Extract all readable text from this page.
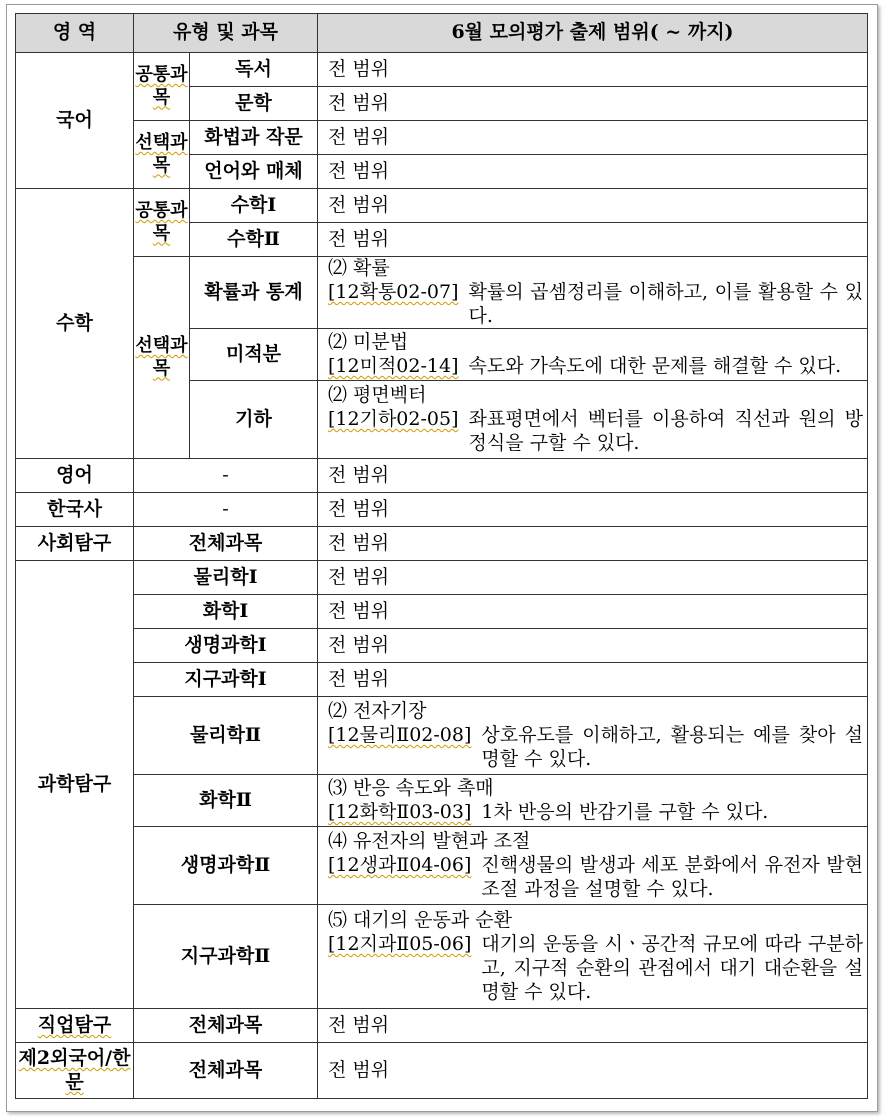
영 역	유형 및 과목		6월 모의평가 출제 범위( ~ 까지)
국어	공통과목	독서	전 범위
		문학	전 범위
	선택과목	화법과 작문	전 범위
		언어와 매체	전 범위
수학	공통과목	수학Ⅰ	전 범위
		수학Ⅱ	전 범위
	선택과목	확률과 통계	⑵ 확률
[12확통02-07] 확률의 곱셈정리를 이해하고, 이를 활용할 수 있다.

		미적분	⑵ 미분법
[12미적02-14] 속도와 가속도에 대한 문제를 해결할 수 있다.

		기하	⑵ 평면벡터
[12기하02-05] 좌표평면에서 벡터를 이용하여 직선과 원의 방정식을 구할 수 있다.

영어	-		전 범위
한국사	-		전 범위
사회탐구	전체과목		전 범위
과학탐구	물리학Ⅰ		전 범위
	화학Ⅰ		전 범위
	생명과학Ⅰ		전 범위
	지구과학Ⅰ		전 범위
	물리학Ⅱ		⑵ 전자기장
[12물리Ⅱ02-08] 상호유도를 이해하고, 활용되는 예를 찾아 설명할 수 있다.

	화학Ⅱ		⑶ 반응 속도와 촉매
[12화학Ⅱ03-03] 1차 반응의 반감기를 구할 수 있다.

	생명과학Ⅱ		⑷ 유전자의 발현과 조절
[12생과Ⅱ04-06] 진핵생물의 발생과 세포 분화에서 유전자 발현 조절 과정을 설명할 수 있다.

	지구과학Ⅱ		⑸ 대기의 운동과 순환
[12지과Ⅱ05-06] 대기의 운동을 시ㆍ공간적 규모에 따라 구분하고, 지구적 순환의 관점에서 대기 대순환을 설명할 수 있다.

직업탐구	전체과목		전 범위
제2외국어/한문	전체과목		전 범위
